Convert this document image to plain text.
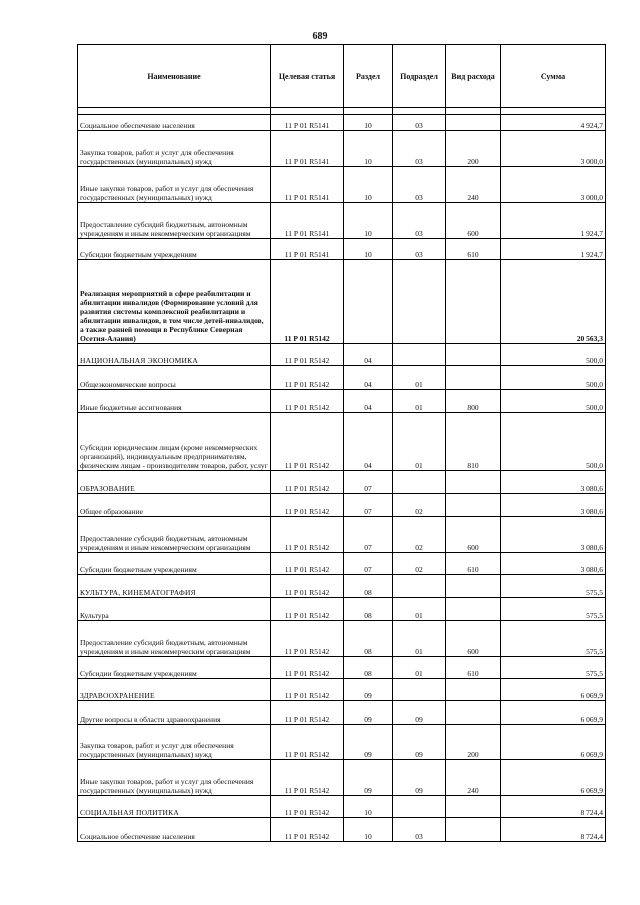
689
Наименование	Целевая статья	Раздел	Подраздел	Вид расхода	Сумма

Социальное обеспечение населения	11 Р 01 R5141	10	03		4 924,7
Закупка товаров, работ и услуг для обеспечения государственных (муниципальных) нужд	11 Р 01 R5141	10	03	200	3 000,0
Иные закупки товаров, работ и услуг для обеспечения государственных (муниципальных) нужд	11 Р 01 R5141	10	03	240	3 000,0
Предоставление субсидий бюджетным, автономным учреждениям и иным некоммерческим организациям	11 Р 01 R5141	10	03	600	1 924,7
Субсидии бюджетным учреждениям	11 Р 01 R5141	10	03	610	1 924,7
Реализация мероприятий в сфере реабилитации и абилитации инвалидов (Формирование условий для развития системы комплексной реабилитации и абилитации инвалидов, в том числе детей-инвалидов, а также ранней помощи в Республике Северная Осетия-Алания)	11 Р 01 R5142				20 563,3
НАЦИОНАЛЬНАЯ ЭКОНОМИКА	11 Р 01 R5142	04			500,0
Общеэкономические вопросы	11 Р 01 R5142	04	01		500,0
Иные бюджетные ассигнования	11 Р 01 R5142	04	01	800	500,0
Субсидии юридическим лицам (кроме некоммерческих организаций), индивидуальным предпринимателям, физическим лицам - производителям товаров, работ, услуг	11 Р 01 R5142	04	01	810	500,0
ОБРАЗОВАНИЕ	11 Р 01 R5142	07			3 080,6
Общее образование	11 Р 01 R5142	07	02		3 080,6
Предоставление субсидий бюджетным, автономным учреждениям и иным некоммерческим организациям	11 Р 01 R5142	07	02	600	3 080,6
Субсидии бюджетным учреждениям	11 Р 01 R5142	07	02	610	3 080,6
КУЛЬТУРА, КИНЕМАТОГРАФИЯ	11 Р 01 R5142	08			575,5
Культура	11 Р 01 R5142	08	01		575,5
Предоставление субсидий бюджетным, автономным учреждениям и иным некоммерческим организациям	11 Р 01 R5142	08	01	600	575,5
Субсидии бюджетным учреждениям	11 Р 01 R5142	08	01	610	575,5
ЗДРАВООХРАНЕНИЕ	11 Р 01 R5142	09			6 069,9
Другие вопросы в области здравоохранения	11 Р 01 R5142	09	09		6 069,9
Закупка товаров, работ и услуг для обеспечения государственных (муниципальных) нужд	11 Р 01 R5142	09	09	200	6 069,9
Иные закупки товаров, работ и услуг для обеспечения государственных (муниципальных) нужд	11 Р 01 R5142	09	09	240	6 069,9
СОЦИАЛЬНАЯ ПОЛИТИКА	11 Р 01 R5142	10			8 724,4
Социальное обеспечение населения	11 Р 01 R5142	10	03		8 724,4
